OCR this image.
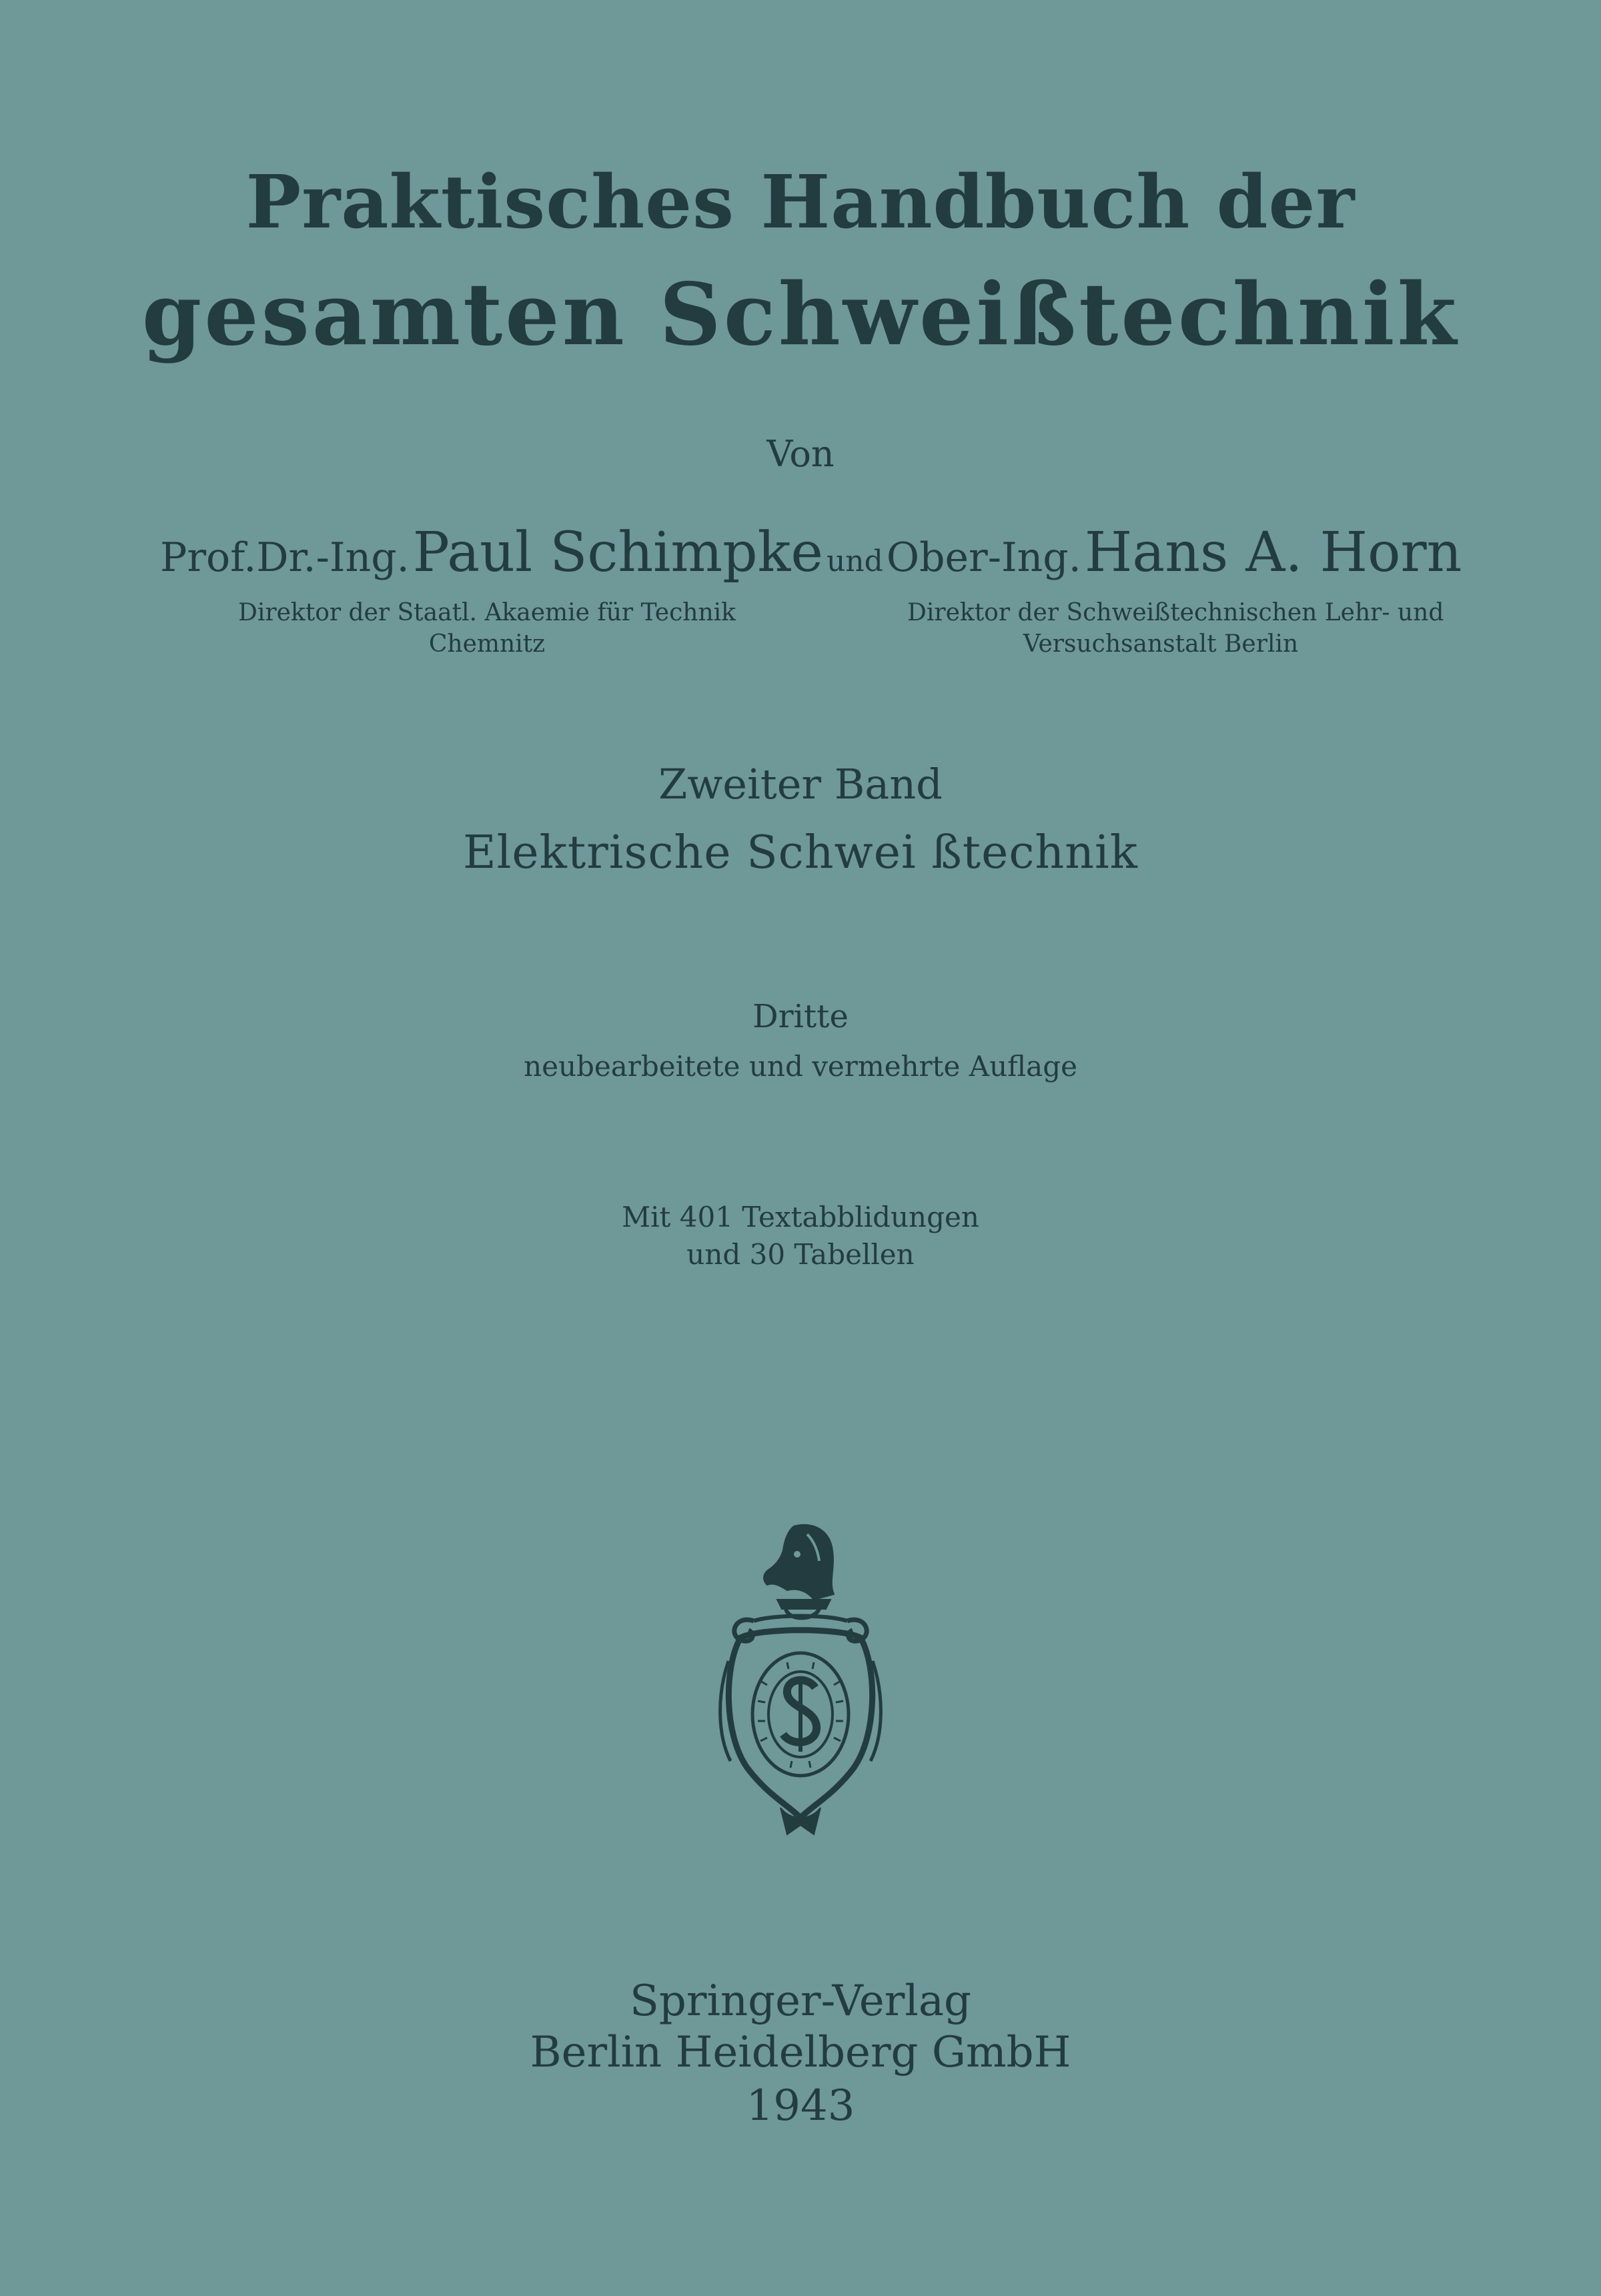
Praktisches Handbuch der
gesamten Schweißtechnik
Von
Prof.Dr.-Ing. Paul Schimpke und Ober-Ing. Hans A. Horn
Direktor der Staatl. Akaemie für Technik
Chemnitz
Direktor der Schweißtechnischen Lehr- und
Versuchsanstalt Berlin
Zweiter Band
Elektrische Schwei ßtechnik
Dritte
neubearbeitete und vermehrte Auflage
Mit 401 Textabblidungen
und 30 Tabellen
Springer-Verlag
Berlin Heidelberg GmbH
1943
